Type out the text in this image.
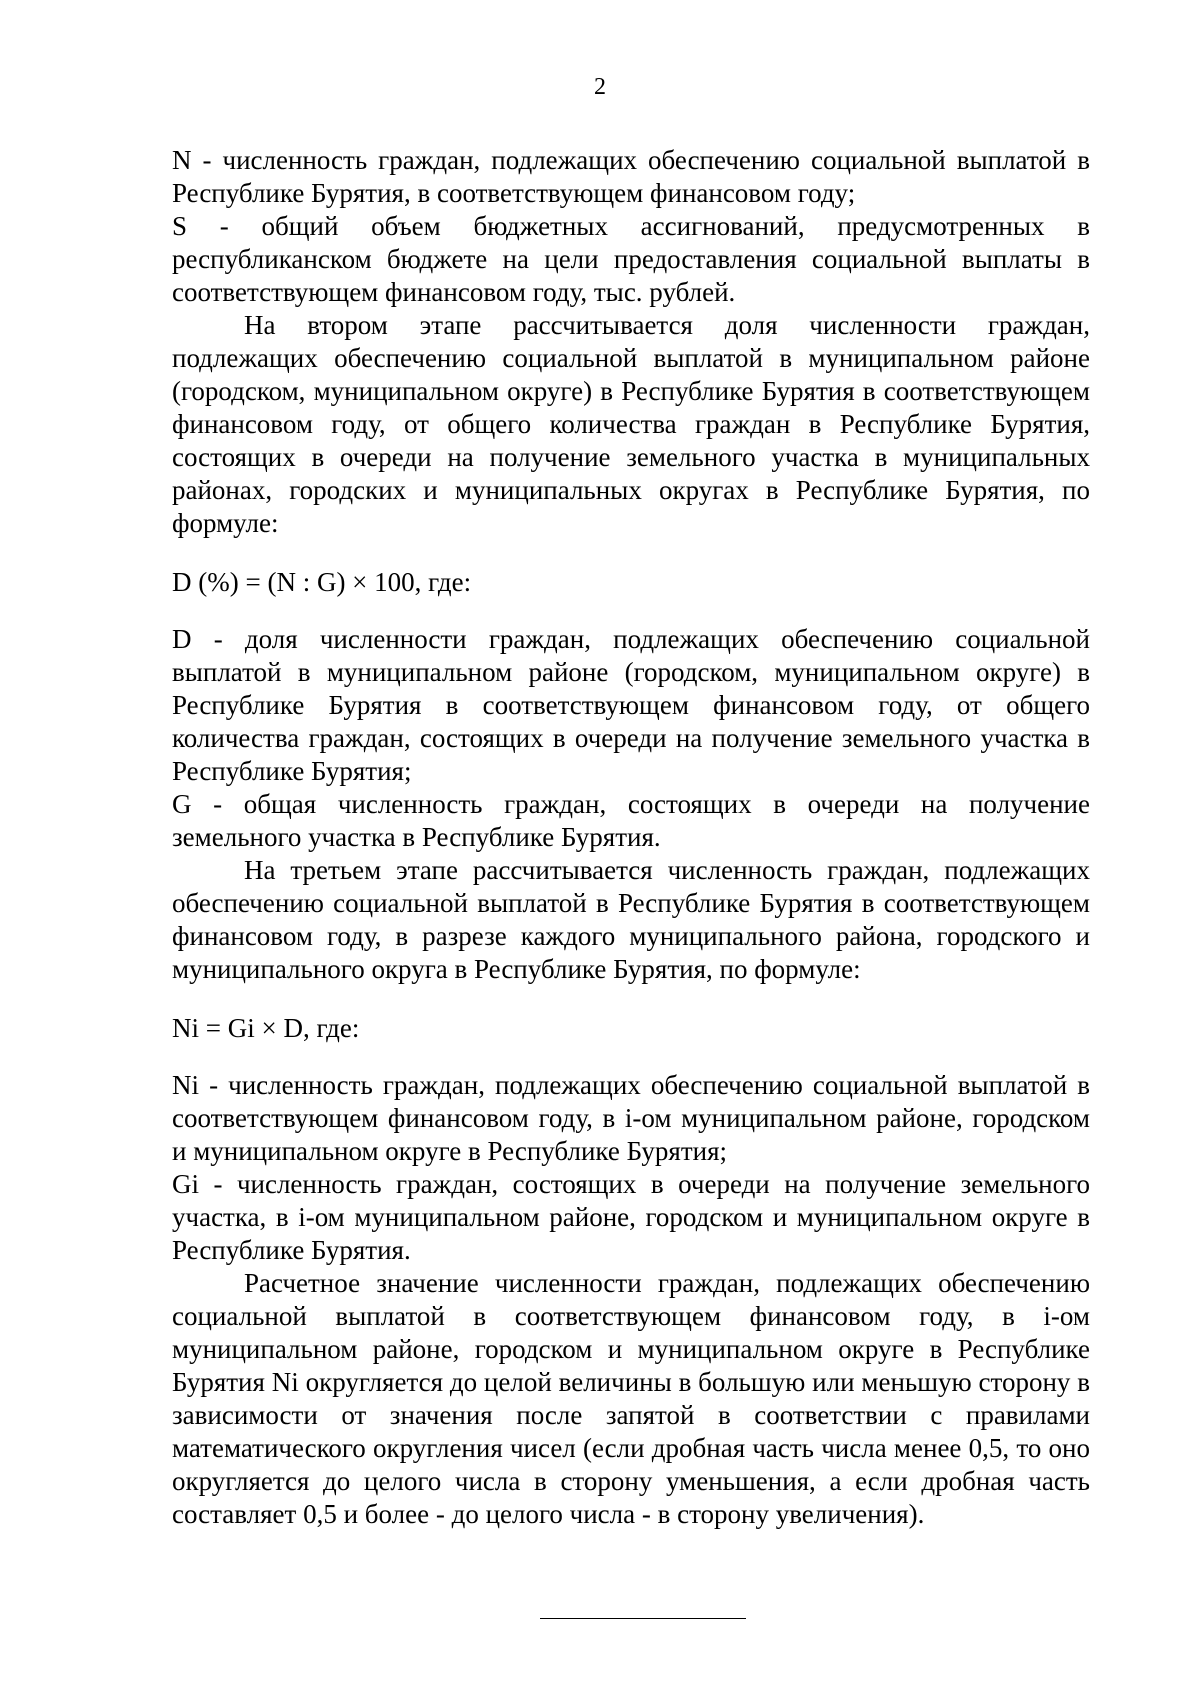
2

N - численность граждан, подлежащих обеспечению социальной выплатой в Республике Бурятия, в соответствующем финансовом году;

S - общий объем бюджетных ассигнований, предусмотренных в республиканском бюджете на цели предоставления социальной выплаты в соответствующем финансовом году, тыс. рублей.

На втором этапе рассчитывается доля численности граждан, подлежащих обеспечению социальной выплатой в муниципальном районе (городском, муниципальном округе) в Республике Бурятия в соответствующем финансовом году, от общего количества граждан в Республике Бурятия, состоящих в очереди на получение земельного участка в муниципальных районах, городских и муниципальных округах в Республике Бурятия, по формуле:

D (%) = (N : G) × 100, где:

D - доля численности граждан, подлежащих обеспечению социальной выплатой в муниципальном районе (городском, муниципальном округе) в Республике Бурятия в соответствующем финансовом году, от общего количества граждан, состоящих в очереди на получение земельного участка в Республике Бурятия;

G - общая численность граждан, состоящих в очереди на получение земельного участка в Республике Бурятия.

На третьем этапе рассчитывается численность граждан, подлежащих обеспечению социальной выплатой в Республике Бурятия в соответствующем финансовом году, в разрезе каждого муниципального района, городского и муниципального округа в Республике Бурятия, по формуле:

Ni = Gi × D, где:

Ni - численность граждан, подлежащих обеспечению социальной выплатой в соответствующем финансовом году, в i-ом муниципальном районе, городском и муниципальном округе в Республике Бурятия;

Gi - численность граждан, состоящих в очереди на получение земельного участка, в i-ом муниципальном районе, городском и муниципальном округе в Республике Бурятия.

Расчетное значение численности граждан, подлежащих обеспечению социальной выплатой в соответствующем финансовом году, в i-ом муниципальном районе, городском и муниципальном округе в Республике Бурятия Ni округляется до целой величины в большую или меньшую сторону в зависимости от значения после запятой в соответствии с правилами математического округления чисел (если дробная часть числа менее 0,5, то оно округляется до целого числа в сторону уменьшения, а если дробная часть составляет 0,5 и более - до целого числа - в сторону увеличения).
